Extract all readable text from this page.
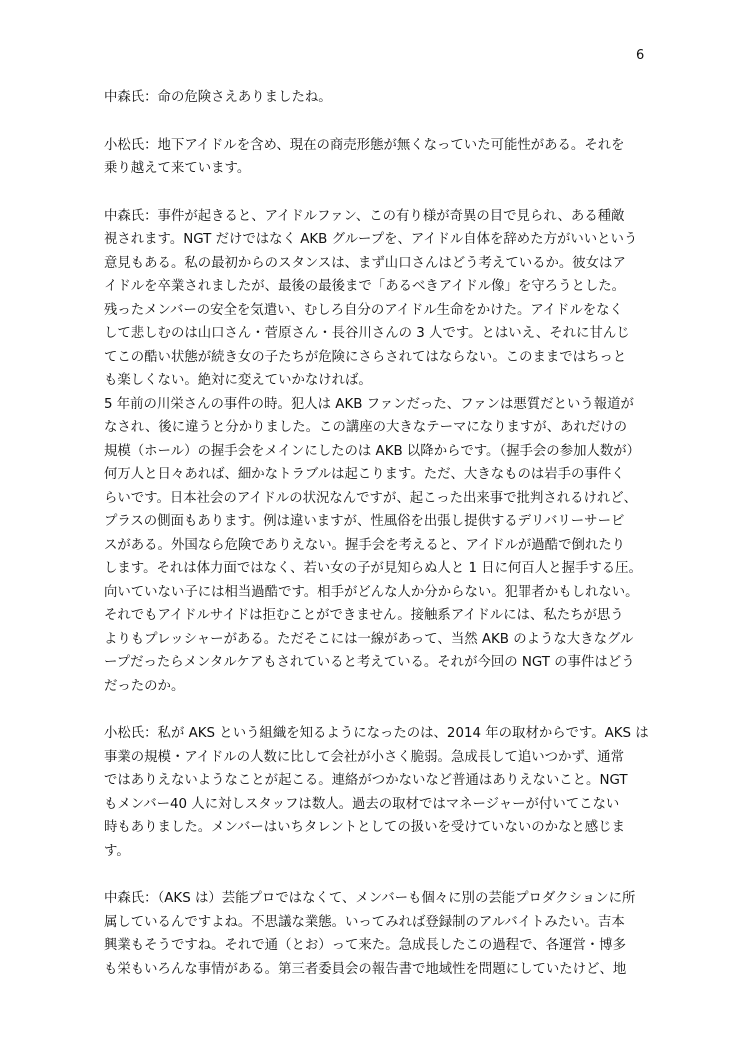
6
中森氏：命の危険さえありましたね。
小松氏：地下アイドルを含め、現在の商売形態が無くなっていた可能性がある。それを
乗り越えて来ています。
中森氏：事件が起きると、アイドルファン、この有り様が奇異の目で見られ、ある種敵
視されます。NGT だけではなく AKB グループを、アイドル自体を辞めた方がいいという
意見もある。私の最初からのスタンスは、まず山口さんはどう考えているか。彼女はア
イドルを卒業されましたが、最後の最後まで「あるべきアイドル像」を守ろうとした。
残ったメンバーの安全を気遣い、むしろ自分のアイドル生命をかけた。アイドルをなく
して悲しむのは山口さん・菅原さん・長谷川さんの 3 人です。とはいえ、それに甘んじ
てこの酷い状態が続き女の子たちが危険にさらされてはならない。このままではちっと
も楽しくない。絶対に変えていかなければ。
5 年前の川栄さんの事件の時。犯人は AKB ファンだった、ファンは悪質だという報道が
なされ、後に違うと分かりました。この講座の大きなテーマになりますが、あれだけの
規模（ホール）の握手会をメインにしたのは AKB 以降からです。（握手会の参加人数が）
何万人と日々あれば、細かなトラブルは起こります。ただ、大きなものは岩手の事件く
らいです。日本社会のアイドルの状況なんですが、起こった出来事で批判されるけれど、
プラスの側面もあります。例は違いますが、性風俗を出張し提供するデリバリーサービ
スがある。外国なら危険でありえない。握手会を考えると、アイドルが過酷で倒れたり
します。それは体力面ではなく、若い女の子が見知らぬ人と 1 日に何百人と握手する圧。
向いていない子には相当過酷です。相手がどんな人か分からない。犯罪者かもしれない。
それでもアイドルサイドは拒むことができません。接触系アイドルには、私たちが思う
よりもプレッシャーがある。ただそこには一線があって、当然 AKB のような大きなグル
ープだったらメンタルケアもされていると考えている。それが今回の NGT の事件はどう
だったのか。
小松氏：私が AKS という組織を知るようになったのは、2014 年の取材からです。AKS は
事業の規模・アイドルの人数に比して会社が小さく脆弱。急成長して追いつかず、通常
ではありえないようなことが起こる。連絡がつかないなど普通はありえないこと。NGT
もメンバー40 人に対しスタッフは数人。過去の取材ではマネージャーが付いてこない
時もありました。メンバーはいちタレントとしての扱いを受けていないのかなと感じま
す。
中森氏：（AKS は）芸能プロではなくて、メンバーも個々に別の芸能プロダクションに所
属しているんですよね。不思議な業態。いってみれば登録制のアルバイトみたい。吉本
興業もそうですね。それで通（とお）って来た。急成長したこの過程で、各運営・博多
も栄もいろんな事情がある。第三者委員会の報告書で地域性を問題にしていたけど、地
